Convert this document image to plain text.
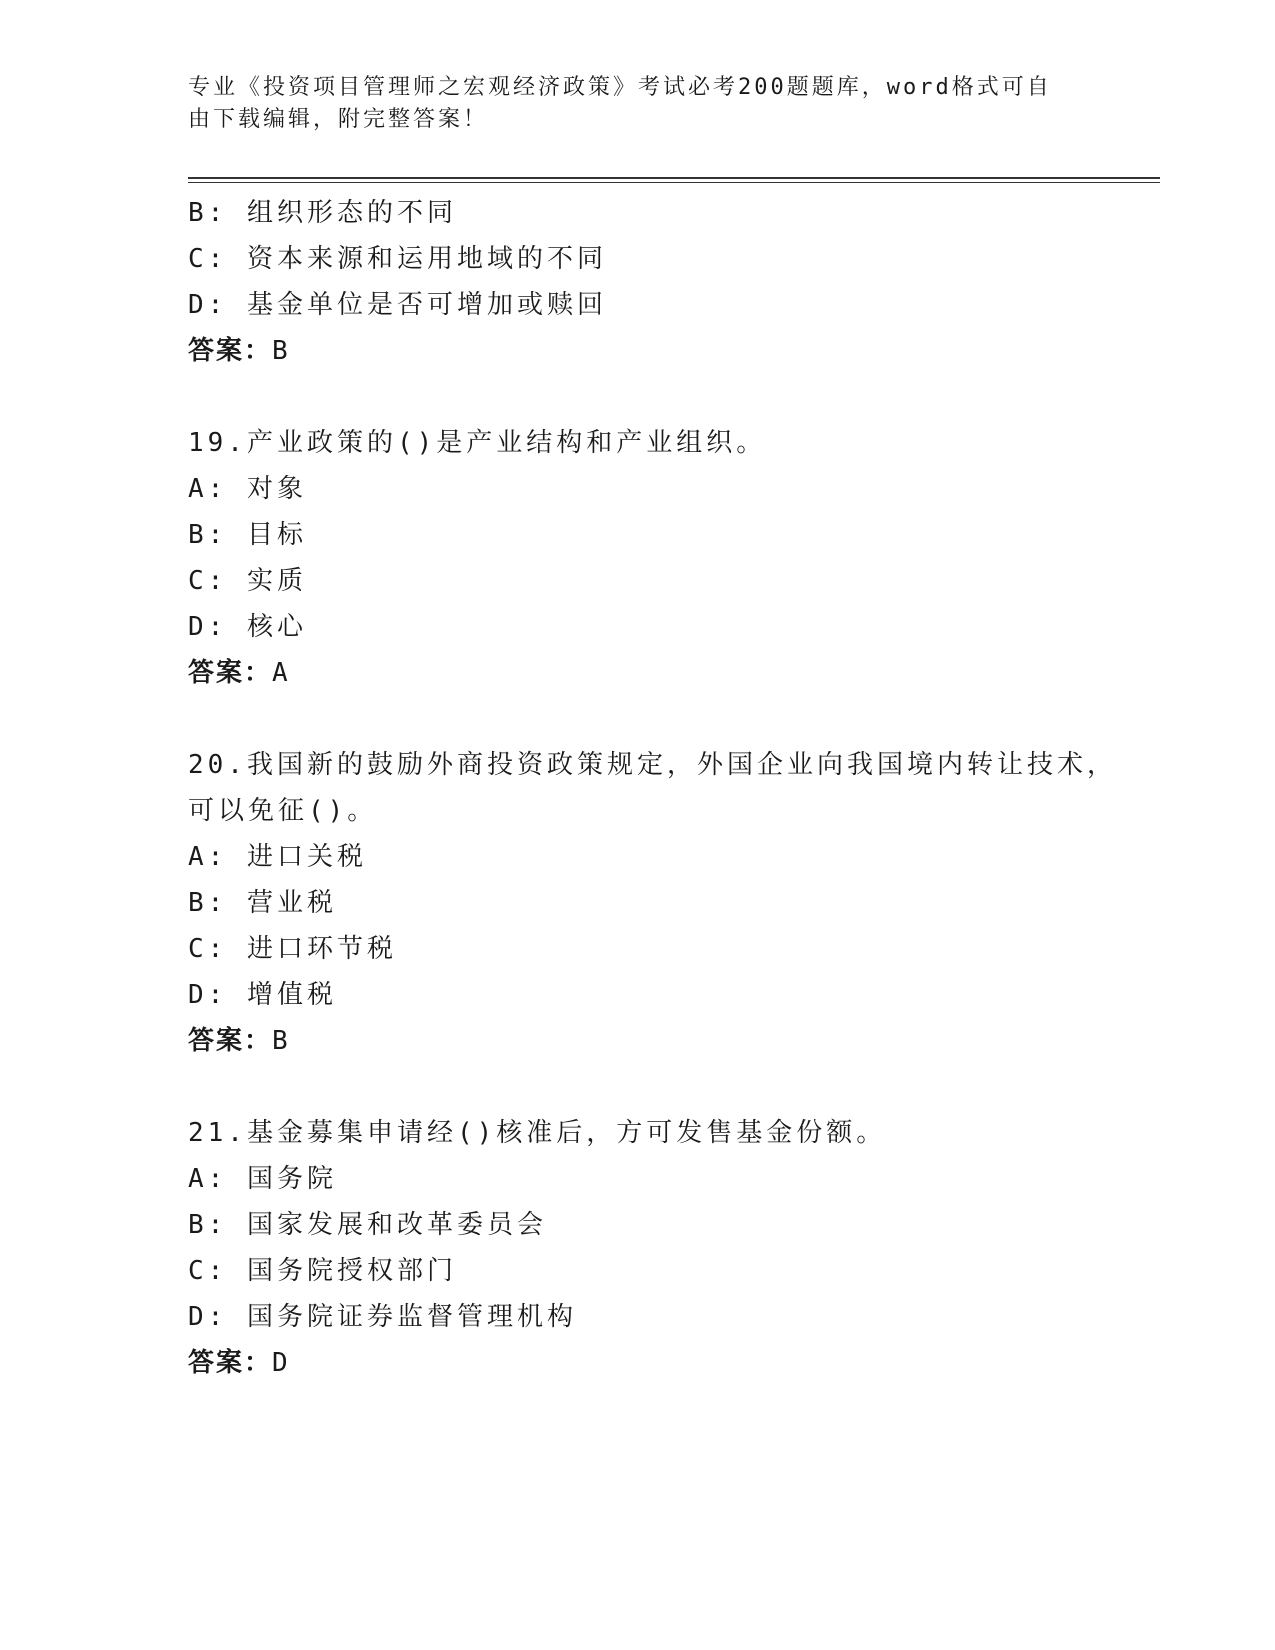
专业《投资项目管理师之宏观经济政策》考试必考200题题库，word格式可自由下载编辑，附完整答案！
B: 组织形态的不同
C: 资本来源和运用地域的不同
D: 基金单位是否可增加或赎回
答案：B
19.产业政策的()是产业结构和产业组织。
A: 对象
B: 目标
C: 实质
D: 核心
答案：A
20.我国新的鼓励外商投资政策规定，外国企业向我国境内转让技术，
可以免征()。
A: 进口关税
B: 营业税
C: 进口环节税
D: 增值税
答案：B
21.基金募集申请经()核准后，方可发售基金份额。
A: 国务院
B: 国家发展和改革委员会
C: 国务院授权部门
D: 国务院证券监督管理机构
答案：D
